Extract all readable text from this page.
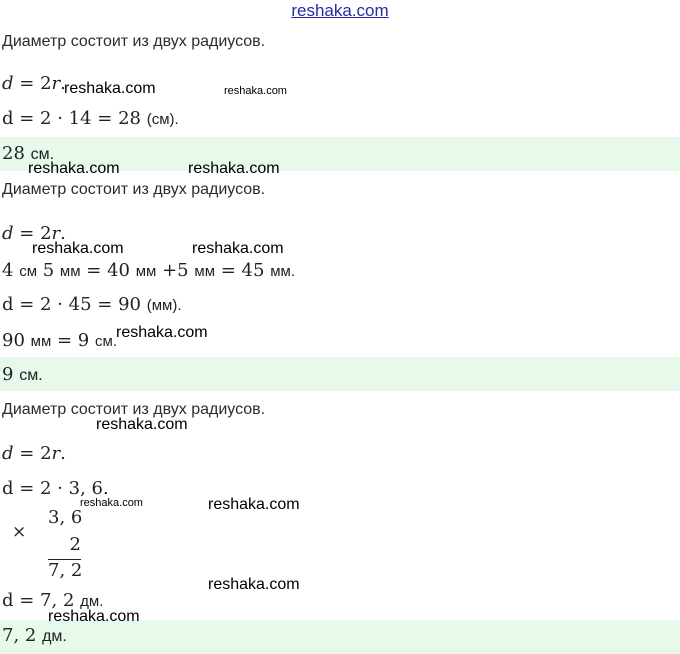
reshaka.com
Диаметр состоит из двух радиусов.
d = 2r.
d = 2 · 14 = 28 (см).
28 см.
Диаметр состоит из двух радиусов.
d = 2r.
4 см 5 мм = 40 мм +5 мм = 45 мм.
d = 2 · 45 = 90 (мм).
90 мм = 9 см.
9 см.
Диаметр состоит из двух радиусов.
d = 2r.
d = 2 · 3, 6.
×
3, 6
2
7, 2
d = 7, 2 дм.
7, 2 дм.
reshaka.com	reshaka.com
reshaka.com	reshaka.com
reshaka.com	reshaka.com
reshaka.com
reshaka.com
reshaka.com	reshaka.com
reshaka.com
reshaka.com
